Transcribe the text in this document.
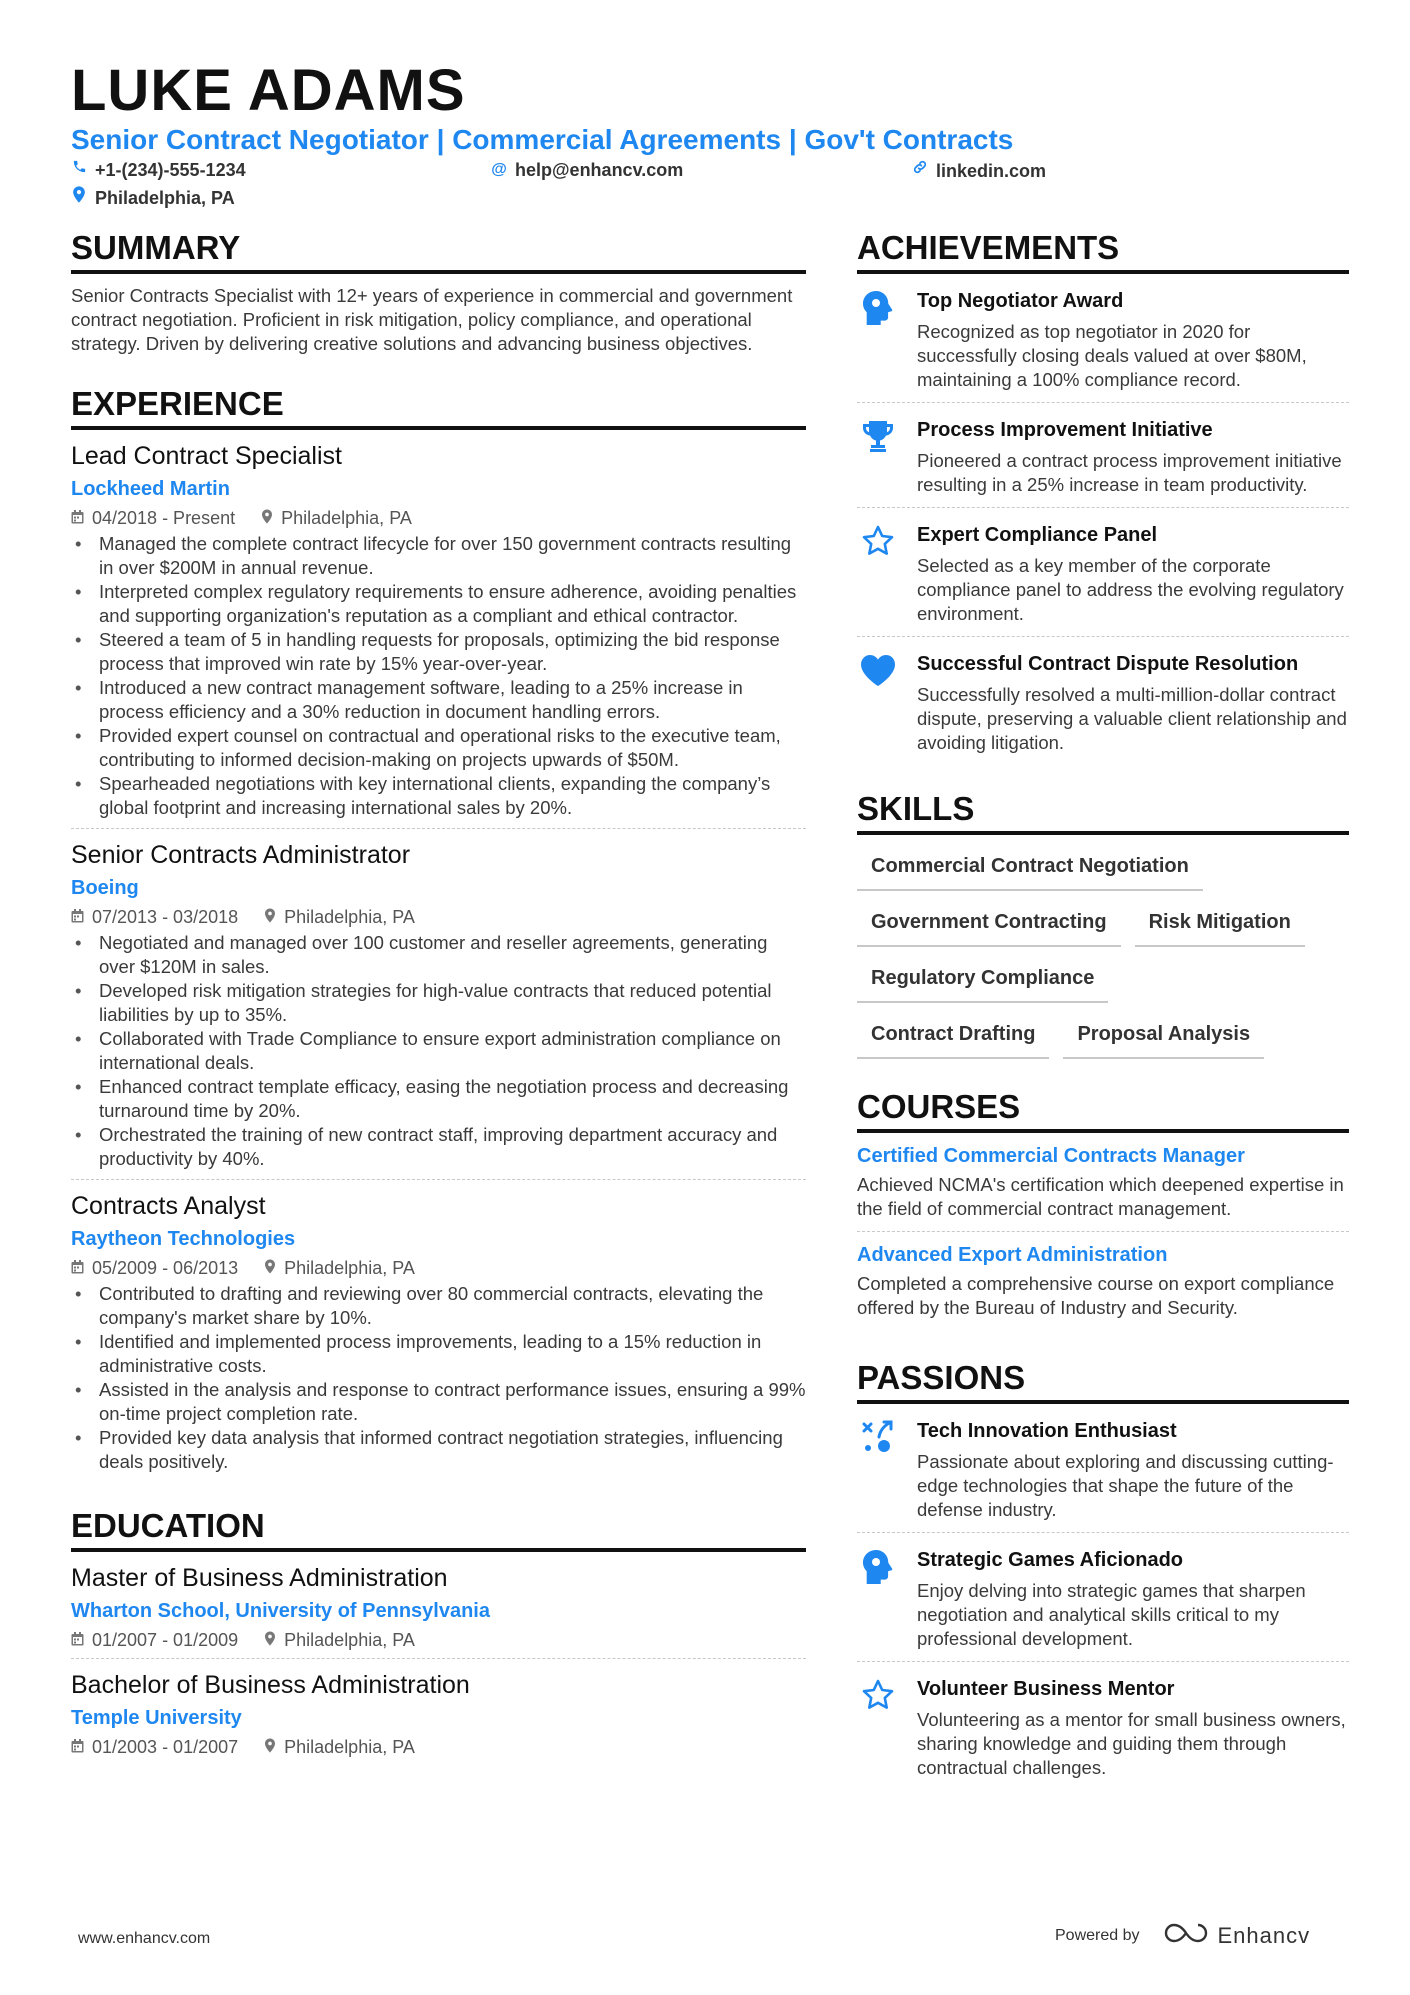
LUKE ADAMS
Senior Contract Negotiator | Commercial Agreements | Gov't Contracts
+1-(234)-555-1234	@ help@enhancv.com	linkedin.com
Philadelphia, PA
SUMMARY
Senior Contracts Specialist with 12+ years of experience in commercial and government contract negotiation. Proficient in risk mitigation, policy compliance, and operational strategy. Driven by delivering creative solutions and advancing business objectives.
EXPERIENCE
Lead Contract Specialist
Lockheed Martin
04/2018 - Present	Philadelphia, PA
• Managed the complete contract lifecycle for over 150 government contracts resulting in over $200M in annual revenue.
• Interpreted complex regulatory requirements to ensure adherence, avoiding penalties and supporting organization's reputation as a compliant and ethical contractor.
• Steered a team of 5 in handling requests for proposals, optimizing the bid response process that improved win rate by 15% year-over-year.
• Introduced a new contract management software, leading to a 25% increase in process efficiency and a 30% reduction in document handling errors.
• Provided expert counsel on contractual and operational risks to the executive team, contributing to informed decision-making on projects upwards of $50M.
• Spearheaded negotiations with key international clients, expanding the company’s global footprint and increasing international sales by 20%.
Senior Contracts Administrator
Boeing
07/2013 - 03/2018	Philadelphia, PA
• Negotiated and managed over 100 customer and reseller agreements, generating over $120M in sales.
• Developed risk mitigation strategies for high-value contracts that reduced potential liabilities by up to 35%.
• Collaborated with Trade Compliance to ensure export administration compliance on international deals.
• Enhanced contract template efficacy, easing the negotiation process and decreasing turnaround time by 20%.
• Orchestrated the training of new contract staff, improving department accuracy and productivity by 40%.
Contracts Analyst
Raytheon Technologies
05/2009 - 06/2013	Philadelphia, PA
• Contributed to drafting and reviewing over 80 commercial contracts, elevating the company's market share by 10%.
• Identified and implemented process improvements, leading to a 15% reduction in administrative costs.
• Assisted in the analysis and response to contract performance issues, ensuring a 99% on-time project completion rate.
• Provided key data analysis that informed contract negotiation strategies, influencing deals positively.
EDUCATION
Master of Business Administration
Wharton School, University of Pennsylvania
01/2007 - 01/2009	Philadelphia, PA
Bachelor of Business Administration
Temple University
01/2003 - 01/2007	Philadelphia, PA
ACHIEVEMENTS
Top Negotiator Award
Recognized as top negotiator in 2020 for successfully closing deals valued at over $80M, maintaining a 100% compliance record.
Process Improvement Initiative
Pioneered a contract process improvement initiative resulting in a 25% increase in team productivity.
Expert Compliance Panel
Selected as a key member of the corporate compliance panel to address the evolving regulatory environment.
Successful Contract Dispute Resolution
Successfully resolved a multi-million-dollar contract dispute, preserving a valuable client relationship and avoiding litigation.
SKILLS
Commercial Contract Negotiation
Government Contracting	Risk Mitigation
Regulatory Compliance
Contract Drafting	Proposal Analysis
COURSES
Certified Commercial Contracts Manager
Achieved NCMA's certification which deepened expertise in the field of commercial contract management.
Advanced Export Administration
Completed a comprehensive course on export compliance offered by the Bureau of Industry and Security.
PASSIONS
Tech Innovation Enthusiast
Passionate about exploring and discussing cutting-edge technologies that shape the future of the defense industry.
Strategic Games Aficionado
Enjoy delving into strategic games that sharpen negotiation and analytical skills critical to my professional development.
Volunteer Business Mentor
Volunteering as a mentor for small business owners, sharing knowledge and guiding them through contractual challenges.
www.enhancv.com	Powered by	Enhancv
